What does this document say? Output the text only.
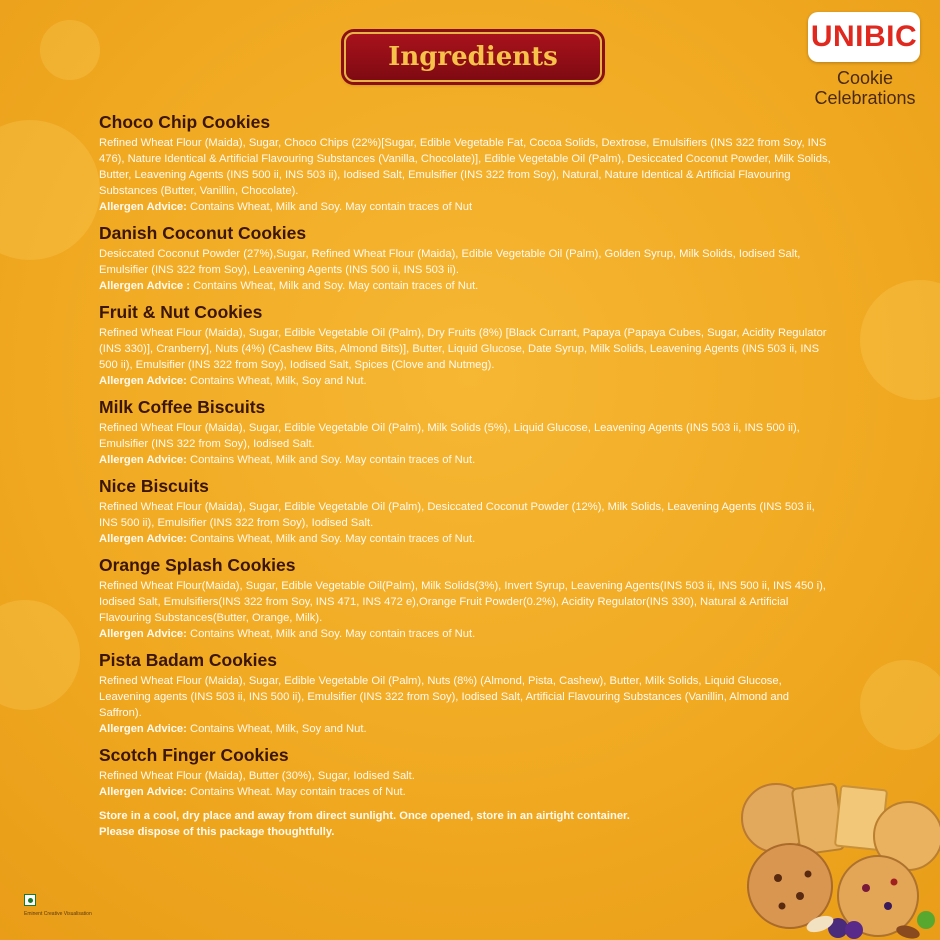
Ingredients
UNIBIC
Cookie
Celebrations
Choco Chip Cookies
Refined Wheat Flour (Maida), Sugar, Choco Chips (22%)[Sugar, Edible Vegetable Fat, Cocoa Solids, Dextrose, Emulsifiers (INS 322 from Soy, INS 476), Nature Identical & Artificial Flavouring Substances (Vanilla, Chocolate)], Edible Vegetable Oil (Palm), Desiccated Coconut Powder, Milk Solids, Butter, Leavening Agents (INS 500 ii, INS 503 ii), Iodised Salt, Emulsifier (INS 322 from Soy), Natural, Nature Identical & Artificial Flavouring Substances (Butter, Vanillin, Chocolate).
Allergen Advice: Contains Wheat, Milk and Soy. May contain traces of Nut
Danish Coconut Cookies
Desiccated Coconut Powder (27%),Sugar, Refined Wheat Flour (Maida), Edible Vegetable Oil (Palm), Golden Syrup, Milk Solids, Iodised Salt, Emulsifier (INS 322 from Soy), Leavening Agents (INS 500 ii, INS 503 ii).
Allergen Advice : Contains Wheat, Milk and Soy. May contain traces of Nut.
Fruit & Nut Cookies
Refined Wheat Flour (Maida), Sugar, Edible Vegetable Oil (Palm), Dry Fruits (8%) [Black Currant, Papaya (Papaya Cubes, Sugar, Acidity Regulator (INS 330)], Cranberry], Nuts (4%) (Cashew Bits, Almond Bits)], Butter, Liquid Glucose, Date Syrup, Milk Solids, Leavening Agents (INS 503 ii, INS 500 ii), Emulsifier (INS 322 from Soy), Iodised Salt, Spices (Clove and Nutmeg).
Allergen Advice: Contains Wheat, Milk, Soy and Nut.
Milk Coffee Biscuits
Refined Wheat Flour (Maida), Sugar, Edible Vegetable Oil (Palm), Milk Solids (5%), Liquid Glucose, Leavening Agents (INS 503 ii, INS 500 ii), Emulsifier (INS 322 from Soy), Iodised Salt.
Allergen Advice: Contains Wheat, Milk and Soy. May contain traces of Nut.
Nice Biscuits
Refined Wheat Flour (Maida), Sugar, Edible Vegetable Oil (Palm), Desiccated Coconut Powder (12%), Milk Solids, Leavening Agents (INS 503 ii, INS 500 ii), Emulsifier (INS 322 from Soy), Iodised Salt.
Allergen Advice: Contains Wheat, Milk and Soy. May contain traces of Nut.
Orange Splash Cookies
Refined Wheat Flour(Maida), Sugar, Edible Vegetable Oil(Palm), Milk Solids(3%), Invert Syrup, Leavening Agents(INS 503 ii, INS 500 ii, INS 450 i), Iodised Salt, Emulsifiers(INS 322 from Soy, INS 471, INS 472 e),Orange Fruit Powder(0.2%), Acidity Regulator(INS 330), Natural & Artificial Flavouring Substances(Butter, Orange, Milk).
Allergen Advice: Contains Wheat, Milk and Soy. May contain traces of Nut.
Pista Badam Cookies
Refined Wheat Flour (Maida), Sugar, Edible Vegetable Oil (Palm), Nuts (8%) (Almond, Pista, Cashew), Butter, Milk Solids, Liquid Glucose, Leavening agents (INS 503 ii, INS 500 ii), Emulsifier (INS 322 from Soy), Iodised Salt, Artificial Flavouring Substances (Vanillin, Almond and Saffron).
Allergen Advice: Contains Wheat, Milk, Soy and Nut.
Scotch Finger Cookies
Refined Wheat Flour (Maida), Butter (30%), Sugar, Iodised Salt.
Allergen Advice: Contains Wheat. May contain traces of Nut.
Store in a cool, dry place and away from direct sunlight. Once opened, store in an airtight container.
Please dispose of this package thoughtfully.
Eminent Creative Visualisation
